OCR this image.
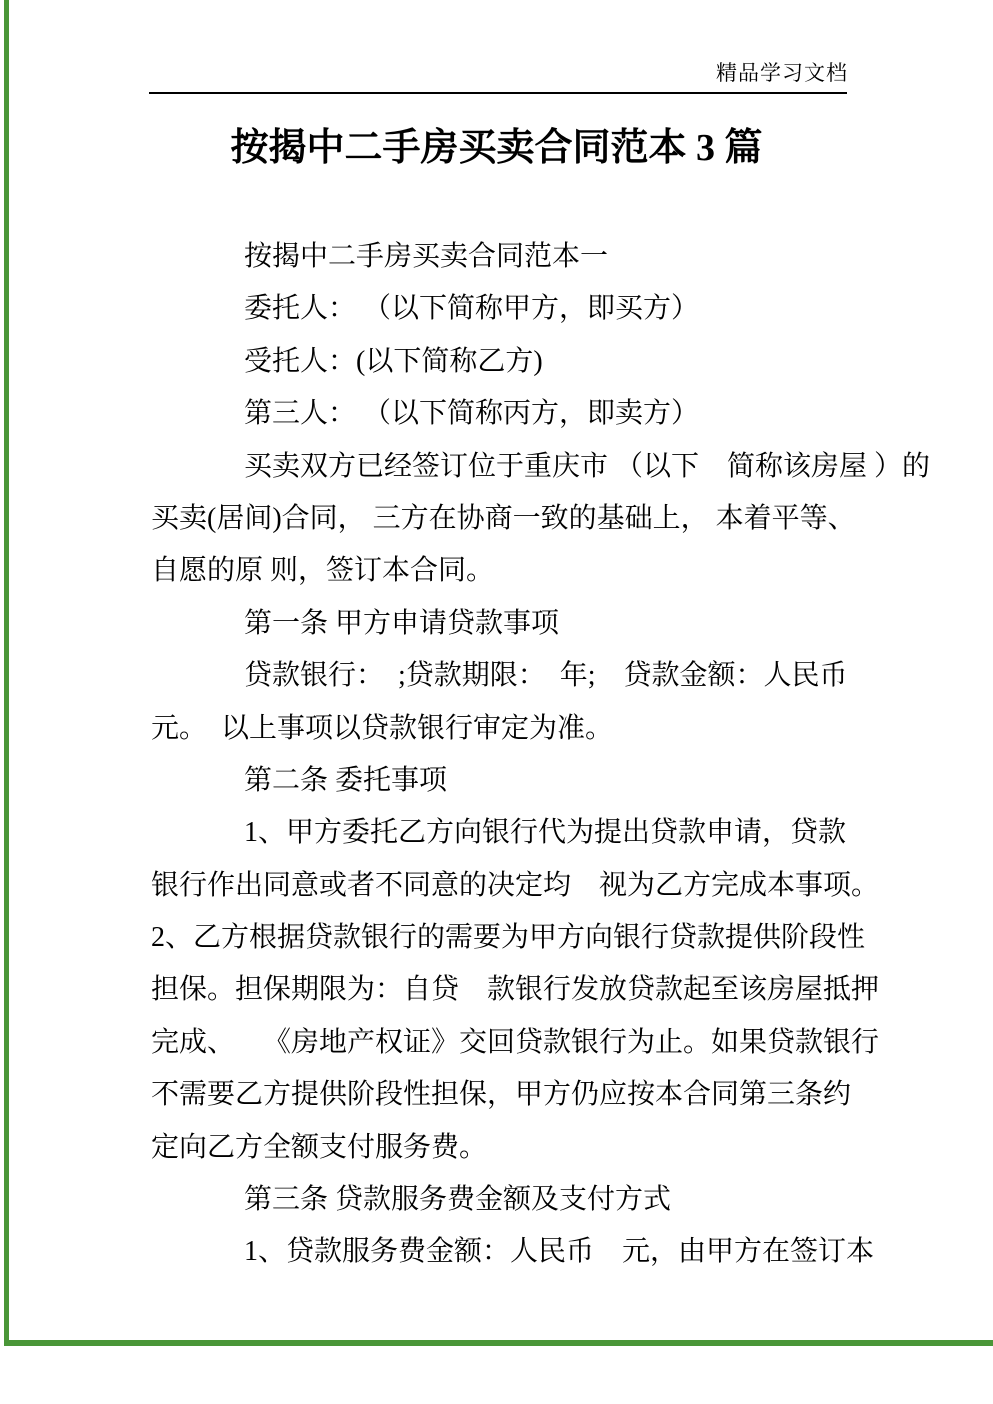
精品学习文档
按揭中二手房买卖合同范本 3 篇
按揭中二手房买卖合同范本一
委托人： （以下简称甲方，即买方）
受托人：(以下简称乙方)
第三人： （以下简称丙方，即卖方）
买卖双方已经签订位于重庆市 （以下　简称该房屋 ）的
买卖(居间)合同， 三方在协商一致的基础上， 本着平等、
自愿的原 则，签订本合同。
第一条 甲方申请贷款事项
贷款银行：　;贷款期限：　年;　贷款金额：人民币
元。　以上事项以贷款银行审定为准。
第二条 委托事项
1、甲方委托乙方向银行代为提出贷款申请，贷款
银行作出同意或者不同意的决定均　视为乙方完成本事项。
2、乙方根据贷款银行的需要为甲方向银行贷款提供阶段性
担保。担保期限为：自贷　款银行发放贷款起至该房屋抵押
完成、　　《房地产权证》交回贷款银行为止。如果贷款银行
不需要乙方提供阶段性担保，甲方仍应按本合同第三条约
定向乙方全额支付服务费。
第三条 贷款服务费金额及支付方式
1、贷款服务费金额：人民币　元，由甲方在签订本
